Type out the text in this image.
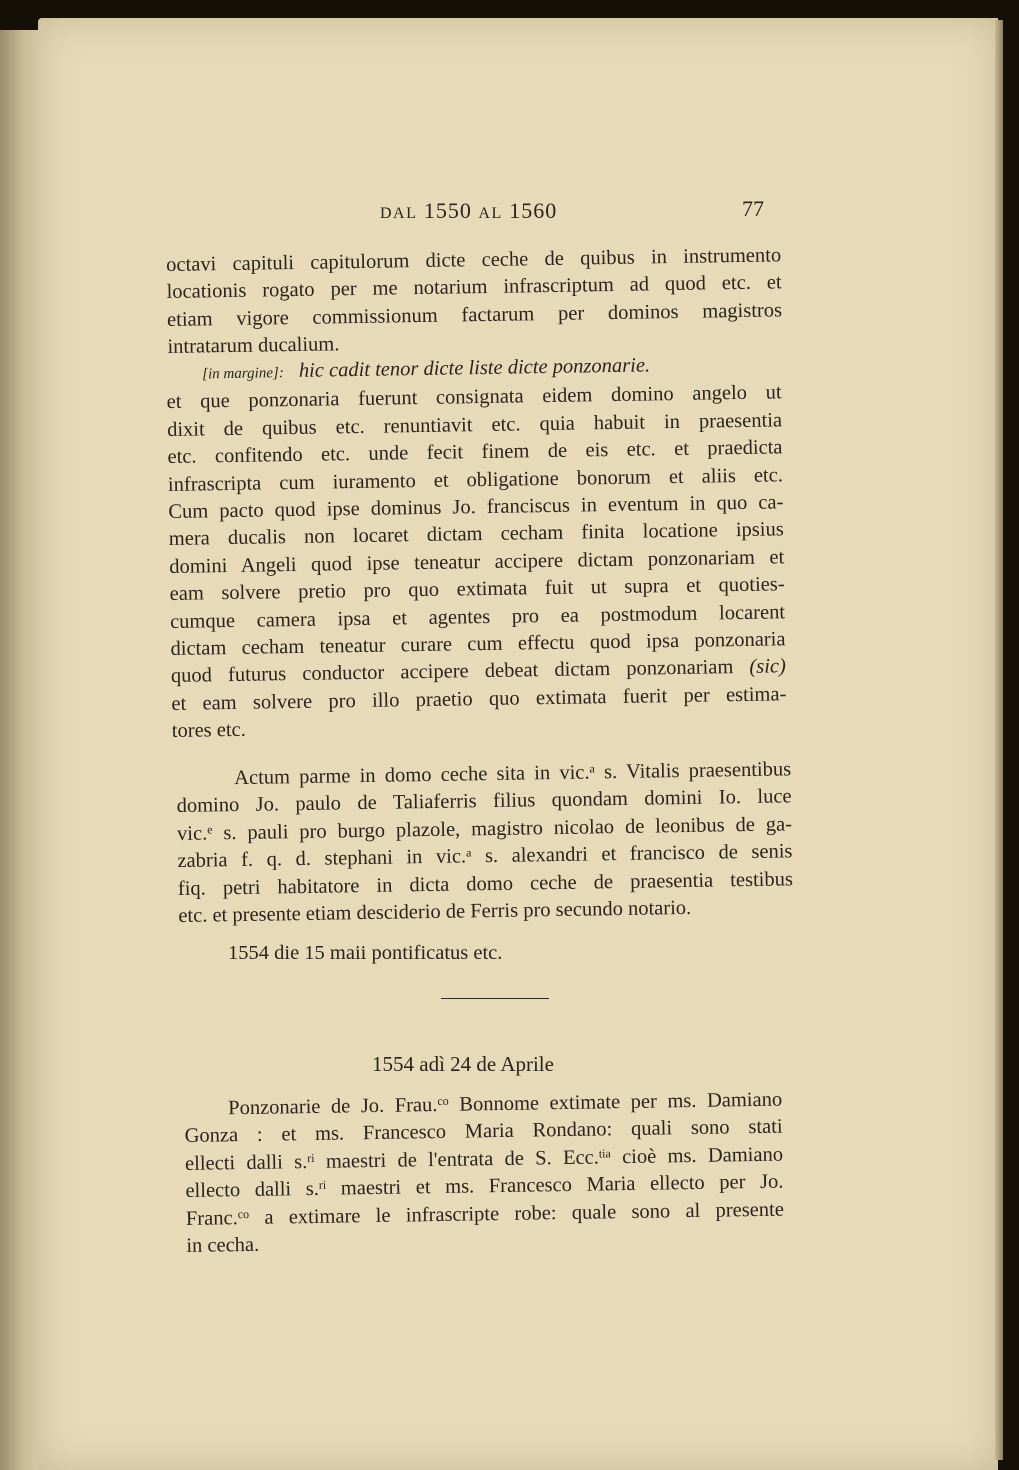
DAL 1550 AL 1560	77
octavi capituli capitulorum dicte ceche de quibus in instrumento
locationis rogato per me notarium infrascriptum ad quod etc. et
etiam vigore commissionum factarum per dominos magistros
intratarum ducalium.
[in margine]: hic cadit tenor dicte liste dicte ponzonarie.
et que ponzonaria fuerunt consignata eidem domino angelo ut
dixit de quibus etc. renuntiavit etc. quia habuit in praesentia
etc. confitendo etc. unde fecit finem de eis etc. et praedicta
infrascripta cum iuramento et obligatione bonorum et aliis etc.
Cum pacto quod ipse dominus Jo. franciscus in eventum in quo ca-
mera ducalis non locaret dictam cecham finita locatione ipsius
domini Angeli quod ipse teneatur accipere dictam ponzonariam et
eam solvere pretio pro quo extimata fuit ut supra et quoties-
cumque camera ipsa et agentes pro ea postmodum locarent
dictam cecham teneatur curare cum effectu quod ipsa ponzonaria
quod futurus conductor accipere debeat dictam ponzonariam (sic)
et eam solvere pro illo praetio quo extimata fuerit per estima-
tores etc.
Actum parme in domo ceche sita in vic.$^a$ s. Vitalis praesentibus
domino Jo. paulo de Taliaferris filius quondam domini Io. luce
vic.$^e$ s. pauli pro burgo plazole, magistro nicolao de leonibus de ga-
zabria f. q. d. stephani in vic.$^a$ s. alexandri et francisco de senis
fiq. petri habitatore in dicta domo ceche de praesentia testibus
etc. et presente etiam desciderio de Ferris pro secundo notario.
1554 die 15 maii pontificatus etc.
1554 adì 24 de Aprile
Ponzonarie de Jo. Frau.$^{co}$ Bonnome extimate per ms. Damiano
Gonza : et ms. Francesco Maria Rondano: quali sono stati
ellecti dalli s.$^{ri}$ maestri de l'entrata de S. Ecc.$^{tia}$ cioè ms. Damiano
ellecto dalli s.$^{ri}$ maestri et ms. Francesco Maria ellecto per Jo.
Franc.$^{co}$ a extimare le infrascripte robe: quale sono al presente
in cecha.
